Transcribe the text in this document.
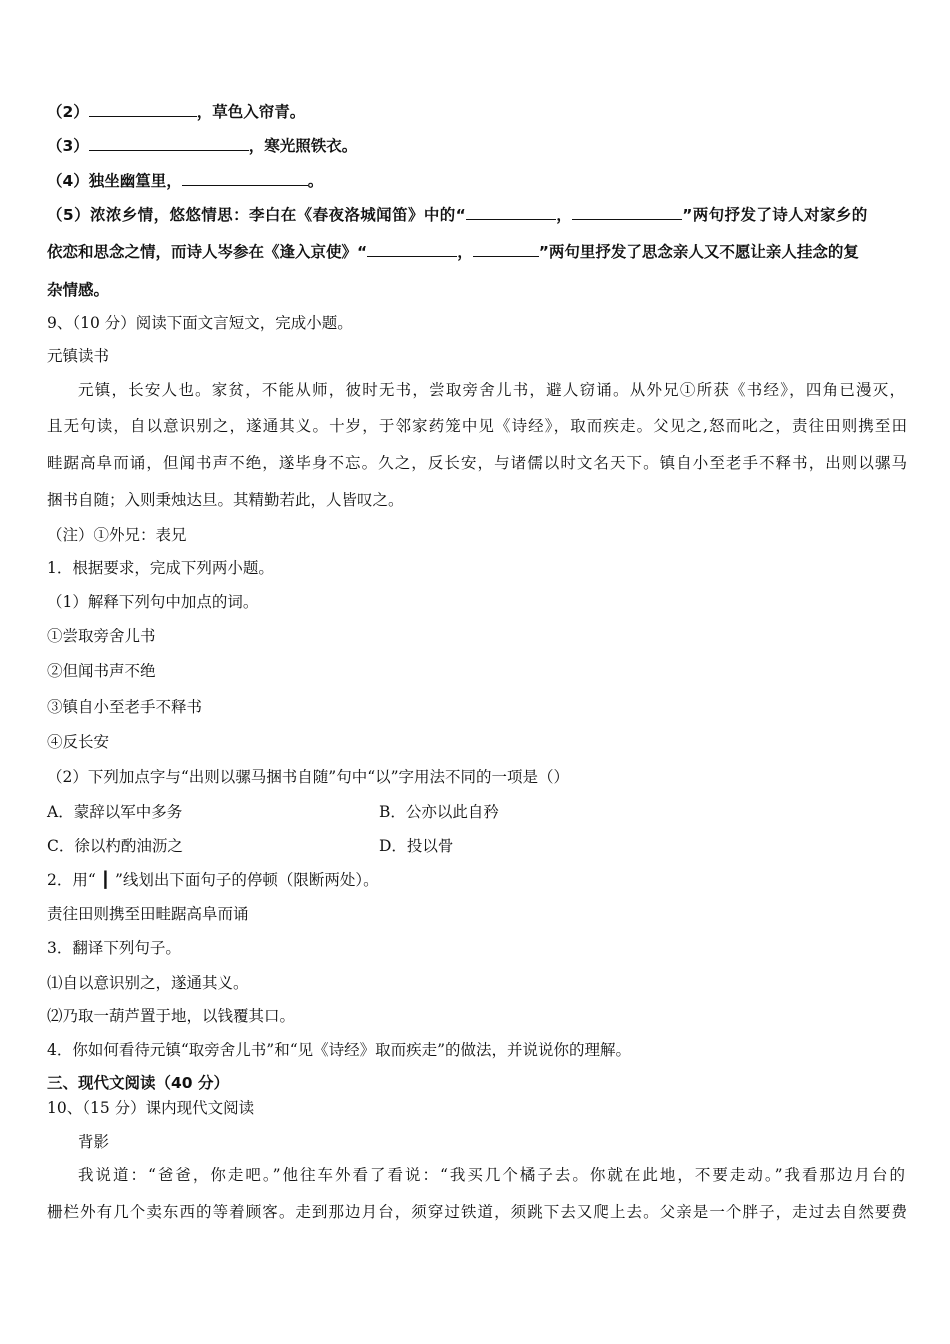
（2）	，草色入帘青。
（3）	，寒光照铁衣。
（4）独坐幽篁里，	。
（5）浓浓乡情，悠悠情思：李白在《春夜洛城闻笛》中的“	，	”两句抒发了诗人对家乡的
依恋和思念之情，而诗人岑参在《逢入京使》“	，	”两句里抒发了思念亲人又不愿让亲人挂念的复
杂情感。
9、（10 分）阅读下面文言短文，完成小题。
元镇读书
元镇，长安人也。家贫，不能从师，彼时无书，尝取旁舍儿书，避人窃诵。从外兄①所获《书经》，四角已漫灭，
且无句读，自以意识别之，遂通其义。十岁，于邻家药笼中见《诗经》，取而疾走。父见之,怒而叱之，责往田则携至田
畦踞高阜而诵，但闻书声不绝，遂毕身不忘。久之，反长安，与诸儒以时文名天下。镇自小至老手不释书，出则以骡马
捆书自随；入则秉烛达旦。其精勤若此，人皆叹之。
（注）①外兄：表兄
1．根据要求，完成下列两小题。
（1）解释下列句中加点的词。
①尝取旁舍儿书
②但闻书声不绝
③镇自小至老手不释书
④反长安
（2）下列加点字与“出则以骡马捆书自随”句中“以”字用法不同的一项是（）
A．蒙辞以军中多务	B．公亦以此自矜
C．徐以杓酌油沥之	D．投以骨
2．用“ ┃ ”线划出下面句子的停顿（限断两处）。
责往田则携至田畦踞高阜而诵
3．翻译下列句子。
⑴自以意识别之，遂通其义。
⑵乃取一葫芦置于地，以钱覆其口。
4．你如何看待元镇“取旁舍儿书”和“见《诗经》取而疾走”的做法，并说说你的理解。
三、现代文阅读（40 分）
10、（15 分）课内现代文阅读
背影
我说道：“爸爸，你走吧。”他往车外看了看说：“我买几个橘子去。你就在此地，不要走动。”我看那边月台的
栅栏外有几个卖东西的等着顾客。走到那边月台，须穿过铁道，须跳下去又爬上去。父亲是一个胖子，走过去自然要费
